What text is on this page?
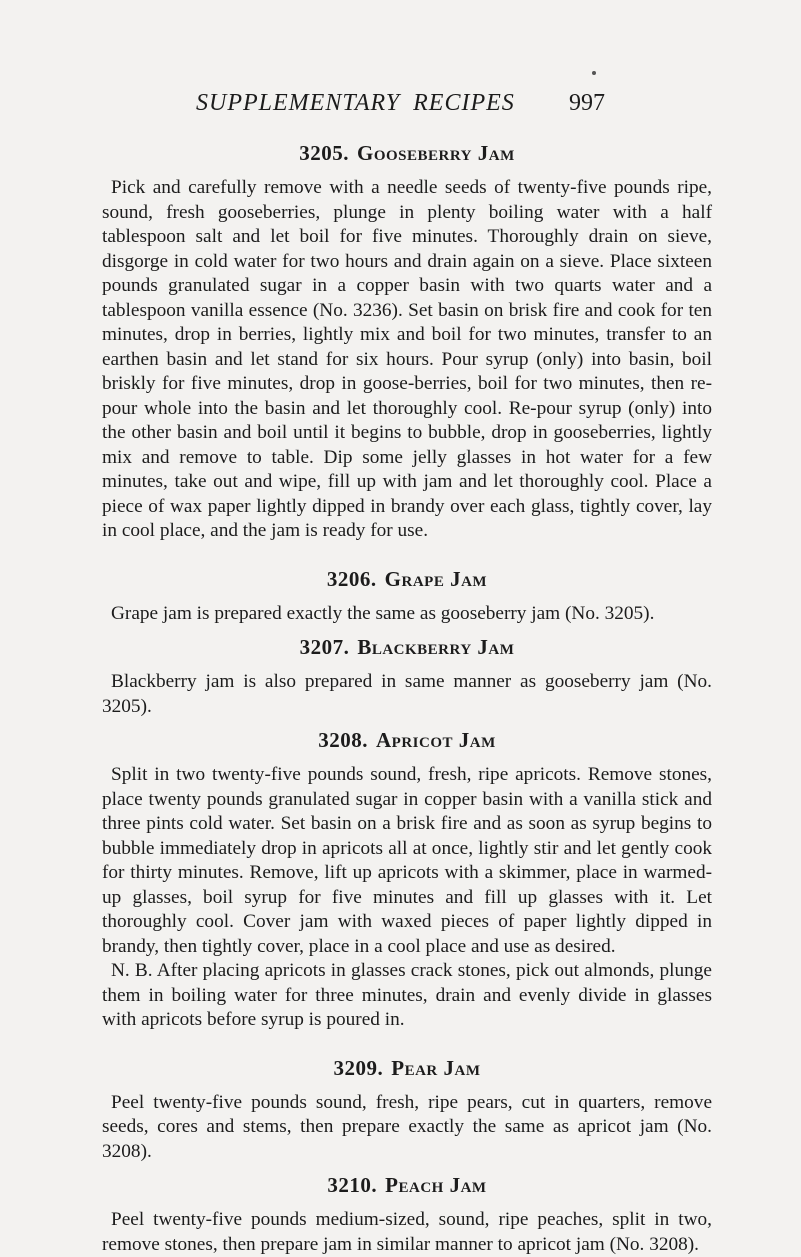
SUPPLEMENTARY RECIPES 997
3205. Gooseberry Jam

Pick and carefully remove with a needle seeds of twenty-five pounds ripe, sound, fresh gooseberries, plunge in plenty boiling water with a half tablespoon salt and let boil for five minutes. Thoroughly drain on sieve, disgorge in cold water for two hours and drain again on a sieve. Place sixteen pounds granulated sugar in a copper basin with two quarts water and a tablespoon vanilla essence (No. 3236). Set basin on brisk fire and cook for ten minutes, drop in berries, lightly mix and boil for two minutes, transfer to an earthen basin and let stand for six hours. Pour syrup (only) into basin, boil briskly for five minutes, drop in goose-berries, boil for two minutes, then re-pour whole into the basin and let thoroughly cool. Re-pour syrup (only) into the other basin and boil until it begins to bubble, drop in gooseberries, lightly mix and remove to table. Dip some jelly glasses in hot water for a few minutes, take out and wipe, fill up with jam and let thoroughly cool. Place a piece of wax paper lightly dipped in brandy over each glass, tightly cover, lay in cool place, and the jam is ready for use.

3206. Grape Jam

Grape jam is prepared exactly the same as gooseberry jam (No. 3205).

3207. Blackberry Jam

Blackberry jam is also prepared in same manner as gooseberry jam (No. 3205).

3208. Apricot Jam

Split in two twenty-five pounds sound, fresh, ripe apricots. Remove stones, place twenty pounds granulated sugar in copper basin with a vanilla stick and three pints cold water. Set basin on a brisk fire and as soon as syrup begins to bubble immediately drop in apricots all at once, lightly stir and let gently cook for thirty minutes. Remove, lift up apricots with a skimmer, place in warmed-up glasses, boil syrup for five minutes and fill up glasses with it. Let thoroughly cool. Cover jam with waxed pieces of paper lightly dipped in brandy, then tightly cover, place in a cool place and use as desired.

N. B. After placing apricots in glasses crack stones, pick out almonds, plunge them in boiling water for three minutes, drain and evenly divide in glasses with apricots before syrup is poured in.

3209. Pear Jam

Peel twenty-five pounds sound, fresh, ripe pears, cut in quarters, remove seeds, cores and stems, then prepare exactly the same as apricot jam (No. 3208).

3210. Peach Jam

Peel twenty-five pounds medium-sized, sound, ripe peaches, split in two, remove stones, then prepare jam in similar manner to apricot jam (No. 3208).
